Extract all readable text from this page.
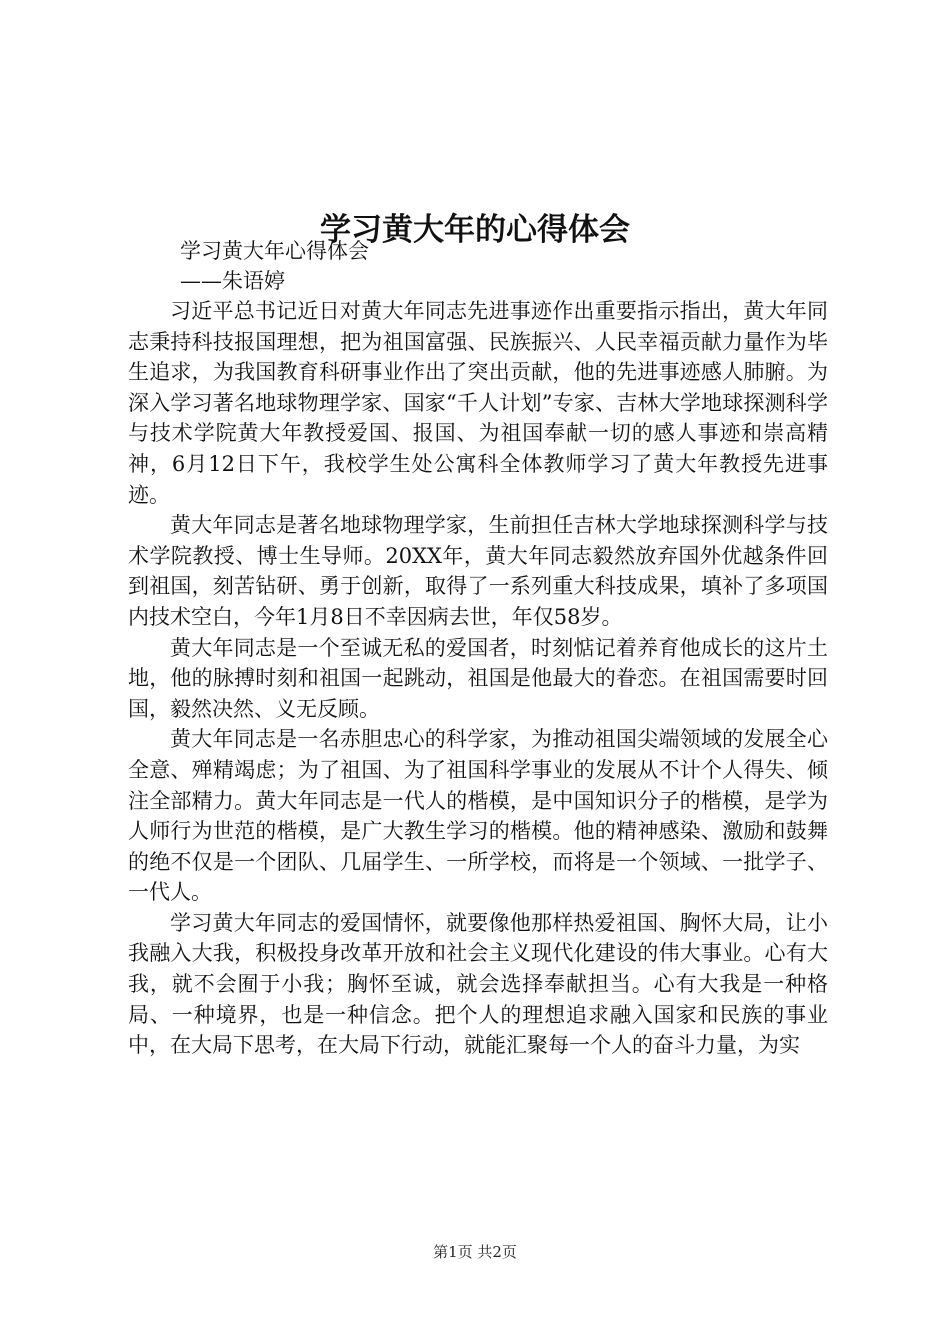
学习黄大年的心得体会

学习黄大年心得体会

——朱语婷

习近平总书记近日对黄大年同志先进事迹作出重要指示指出，黄大年同志秉持科技报国理想，把为祖国富强、民族振兴、人民幸福贡献力量作为毕生追求，为我国教育科研事业作出了突出贡献，他的先进事迹感人肺腑。为深入学习著名地球物理学家、国家“千人计划”专家、吉林大学地球探测科学与技术学院黄大年教授爱国、报国、为祖国奉献一切的感人事迹和崇高精神，6月12日下午，我校学生处公寓科全体教师学习了黄大年教授先进事迹。

黄大年同志是著名地球物理学家，生前担任吉林大学地球探测科学与技术学院教授、博士生导师。20XX年，黄大年同志毅然放弃国外优越条件回到祖国，刻苦钻研、勇于创新，取得了一系列重大科技成果，填补了多项国内技术空白，今年1月8日不幸因病去世，年仅58岁。

黄大年同志是一个至诚无私的爱国者，时刻惦记着养育他成长的这片土地，他的脉搏时刻和祖国一起跳动，祖国是他最大的眷恋。在祖国需要时回国，毅然决然、义无反顾。

黄大年同志是一名赤胆忠心的科学家，为推动祖国尖端领域的发展全心全意、殚精竭虑；为了祖国、为了祖国科学事业的发展从不计个人得失、倾注全部精力。黄大年同志是一代人的楷模，是中国知识分子的楷模，是学为人师行为世范的楷模，是广大教生学习的楷模。他的精神感染、激励和鼓舞的绝不仅是一个团队、几届学生、一所学校，而将是一个领域、一批学子、一代人。

学习黄大年同志的爱国情怀，就要像他那样热爱祖国、胸怀大局，让小我融入大我，积极投身改革开放和社会主义现代化建设的伟大事业。心有大我，就不会囿于小我；胸怀至诚，就会选择奉献担当。心有大我是一种格局、一种境界，也是一种信念。把个人的理想追求融入国家和民族的事业中，在大局下思考，在大局下行动，就能汇聚每一个人的奋斗力量，为实

第1页 共2页
